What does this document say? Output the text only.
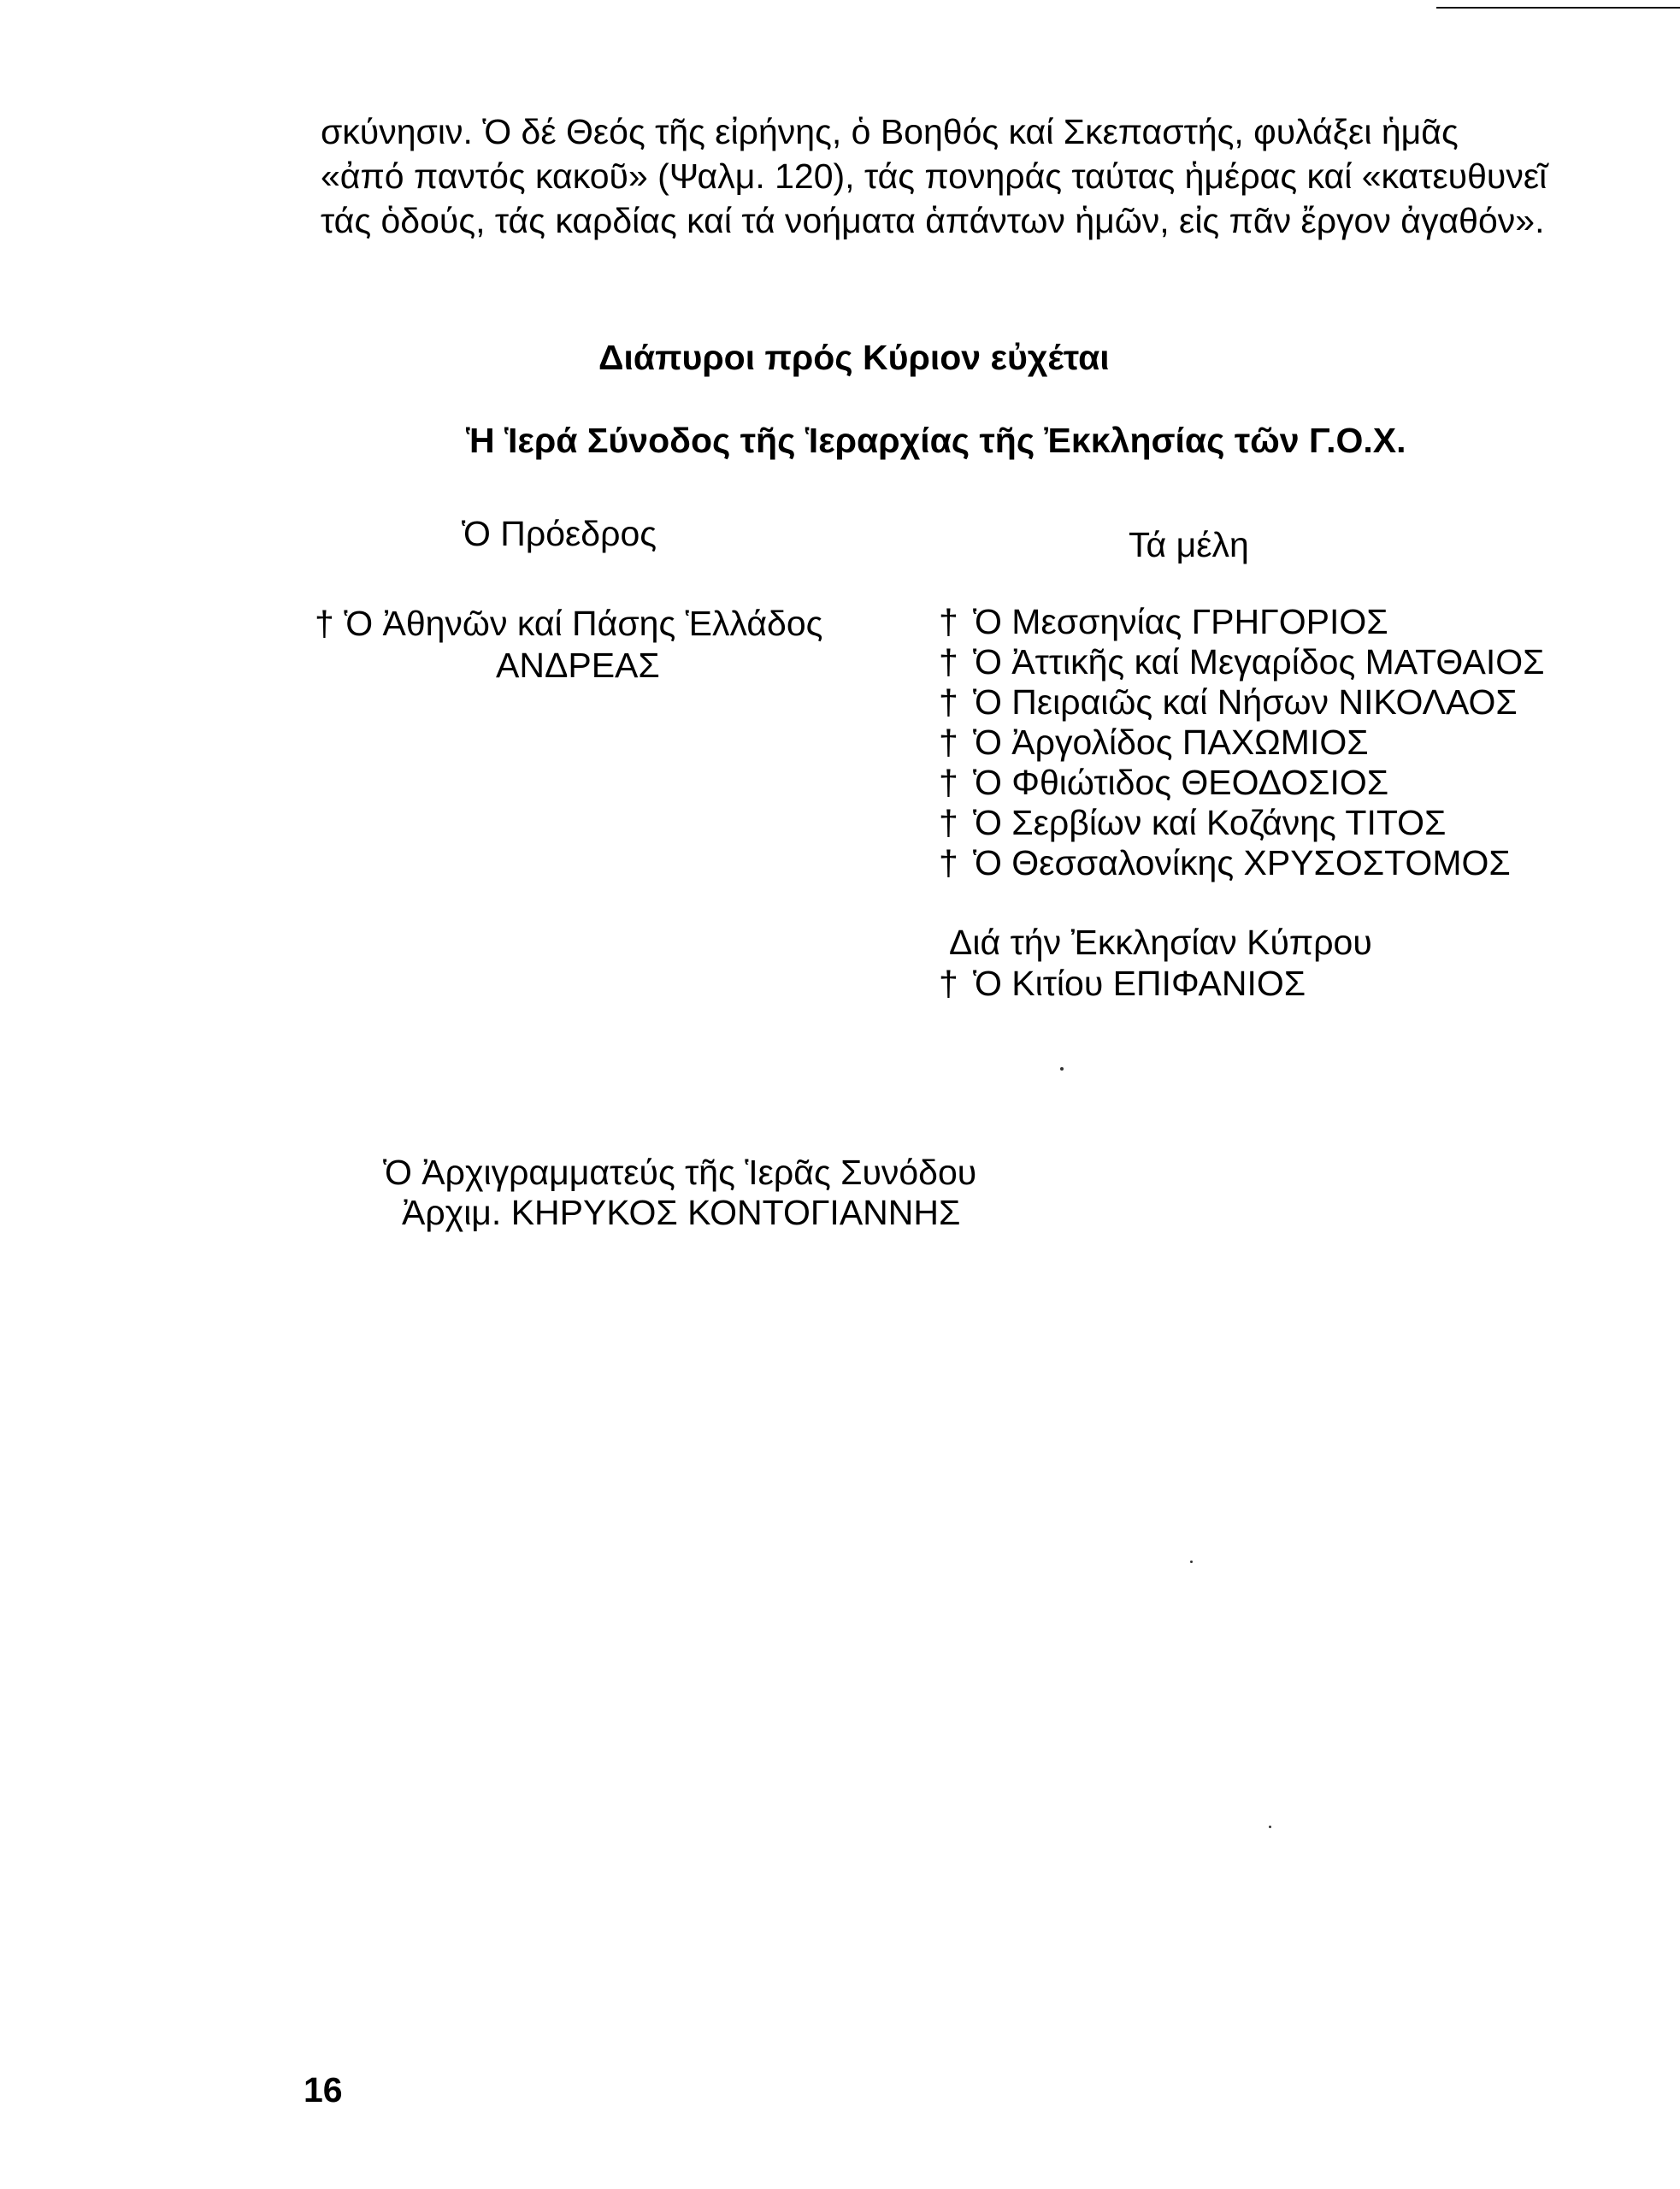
σκύνησιν. Ὁ δέ Θεός τῆς εἰρήνης, ὁ Βοηθός καί Σκεπαστής, φυλάξει ἡμᾶς

«ἀπό παντός κακοῦ» (Ψαλμ. 120), τάς πονηράς ταύτας ἡμέρας καί «κατευθυνεῖ

τάς ὁδούς, τάς καρδίας καί τά νοήματα ἁπάντων ἡμῶν, εἰς πᾶν ἔργον ἀγαθόν».

Διάπυροι πρός Κύριον εὐχέται
Ἡ Ἱερά Σύνοδος τῆς Ἱεραρχίας τῆς Ἐκκλησίας τῶν Γ.Ο.Χ.
Ὁ Πρόεδρος	Τά μέλη
† Ὁ Ἀθηνῶν καί Πάσης Ἑλλάδος
ΑΝΔΡΕΑΣ
† Ὁ Μεσσηνίας ΓΡΗΓΟΡΙΟΣ
† Ὁ Ἀττικῆς καί Μεγαρίδος ΜΑΤΘΑΙΟΣ
† Ὁ Πειραιῶς καί Νήσων ΝΙΚΟΛΑΟΣ
† Ὁ Ἀργολίδος ΠΑΧΩΜΙΟΣ
† Ὁ Φθιώτιδος ΘΕΟΔΟΣΙΟΣ
† Ὁ Σερβίων καί Κοζάνης ΤΙΤΟΣ
† Ὁ Θεσσαλονίκης ΧΡΥΣΟΣΤΟΜΟΣ
Διά τήν Ἐκκλησίαν Κύπρου
† Ὁ Κιτίου ΕΠΙΦΑΝΙΟΣ
Ὁ Ἀρχιγραμματεύς τῆς Ἱερᾶς Συνόδου
Ἀρχιμ. ΚΗΡΥΚΟΣ ΚΟΝΤΟΓΙΑΝΝΗΣ
16
